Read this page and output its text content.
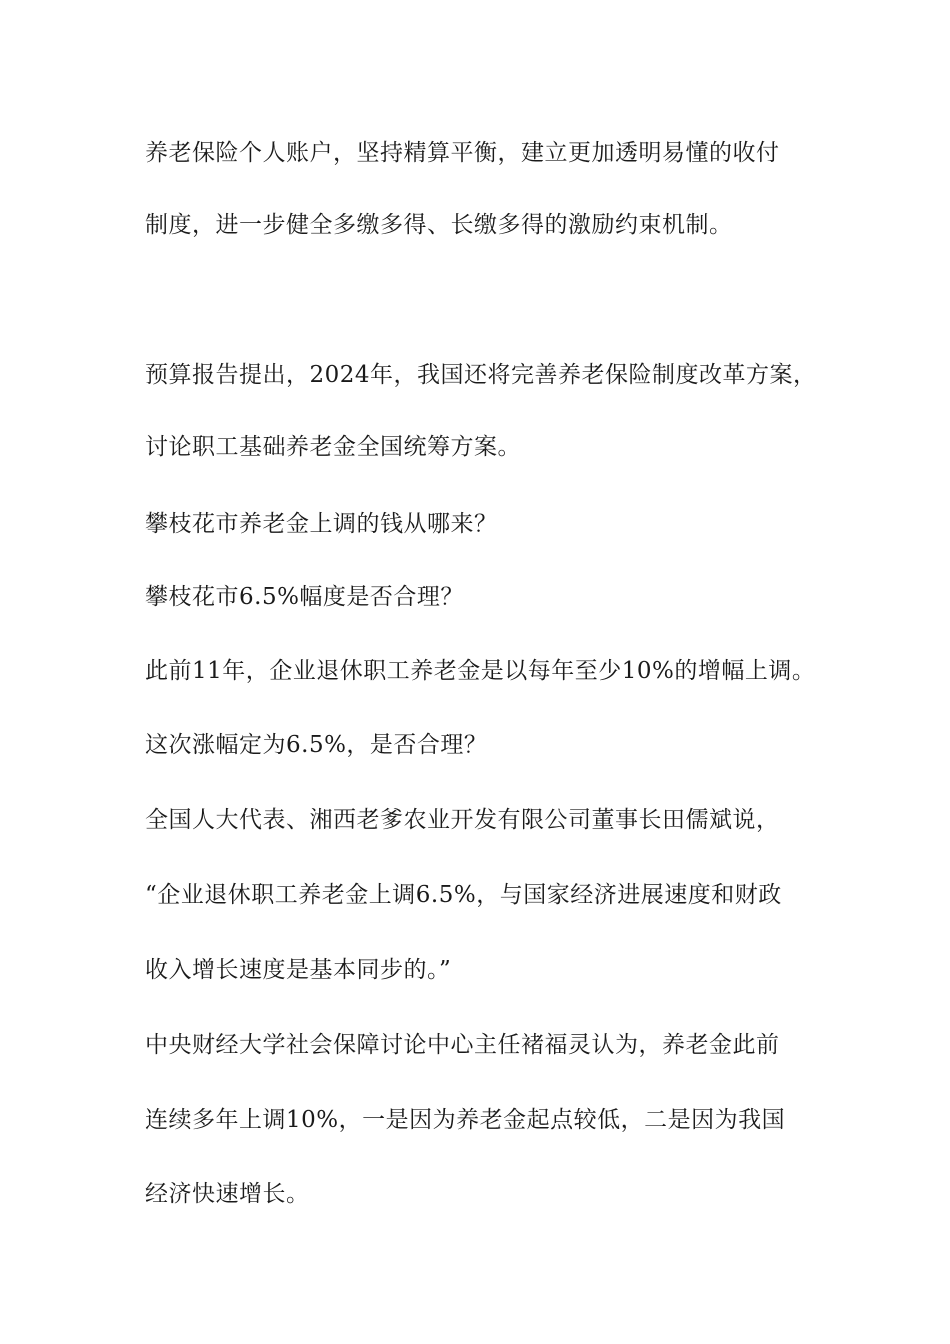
养老保险个人账户，坚持精算平衡，建立更加透明易懂的收付
制度，进一步健全多缴多得、长缴多得的激励约束机制。
预算报告提出，2024年，我国还将完善养老保险制度改革方案，
讨论职工基础养老金全国统筹方案。
攀枝花市养老金上调的钱从哪来？
攀枝花市6.5%幅度是否合理？
此前11年，企业退休职工养老金是以每年至少10%的增幅上调。
这次涨幅定为6.5%，是否合理？
全国人大代表、湘西老爹农业开发有限公司董事长田儒斌说，
“企业退休职工养老金上调6.5%，与国家经济进展速度和财政
收入增长速度是基本同步的。”
中央财经大学社会保障讨论中心主任褚福灵认为，养老金此前
连续多年上调10%，一是因为养老金起点较低，二是因为我国
经济快速增长。
